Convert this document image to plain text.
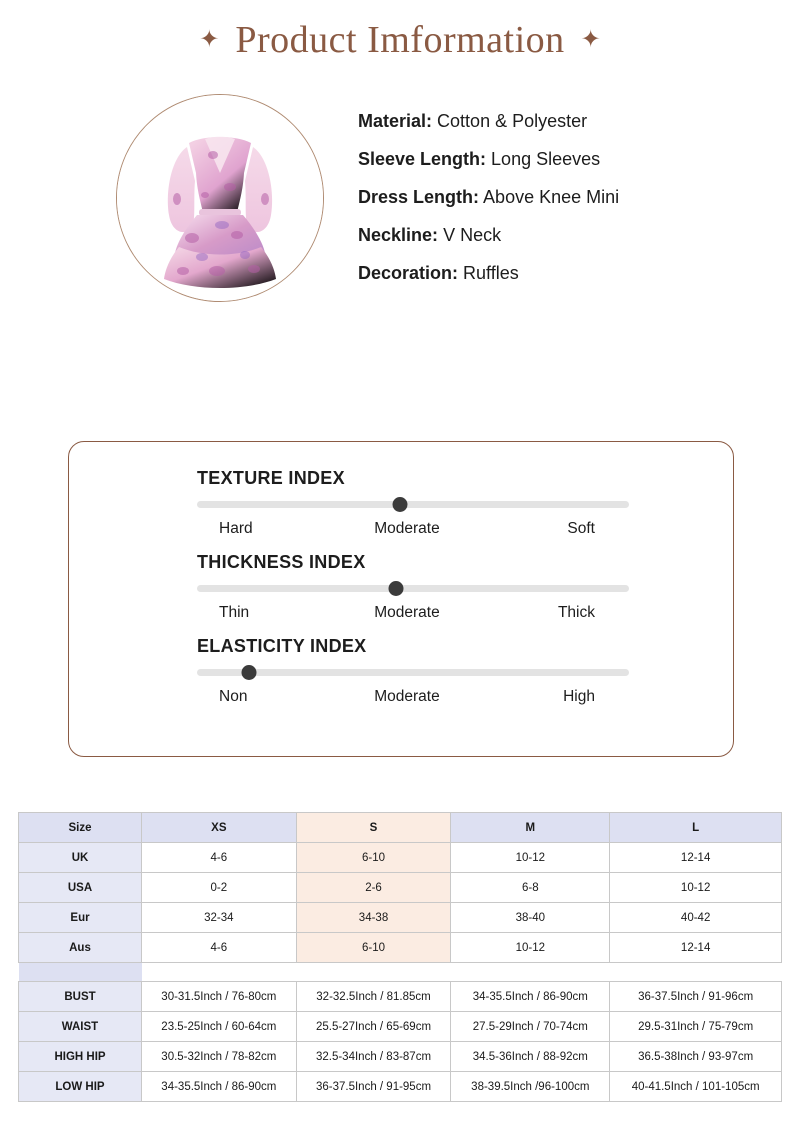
✦ Product Imformation ✦
Material: Cotton & Polyester
Sleeve Length: Long Sleeves
Dress Length: Above Knee Mini
Neckline: V Neck
Decoration: Ruffles
TEXTURE INDEX
Hard	Moderate	Soft
THICKNESS INDEX
Thin	Moderate	Thick
ELASTICITY INDEX
Non	Moderate	High
Size	XS	S	M	L
UK	4-6	6-10	10-12	12-14
USA	0-2	2-6	6-8	10-12
Eur	32-34	34-38	38-40	40-42
Aus	4-6	6-10	10-12	12-14

BUST	30-31.5Inch / 76-80cm	32-32.5Inch / 81.85cm	34-35.5Inch / 86-90cm	36-37.5Inch / 91-96cm
WAIST	23.5-25Inch / 60-64cm	25.5-27Inch / 65-69cm	27.5-29Inch / 70-74cm	29.5-31Inch / 75-79cm
HIGH HIP	30.5-32Inch / 78-82cm	32.5-34Inch / 83-87cm	34.5-36Inch / 88-92cm	36.5-38Inch / 93-97cm
LOW HIP	34-35.5Inch / 86-90cm	36-37.5Inch / 91-95cm	38-39.5Inch /96-100cm	40-41.5Inch / 101-105cm
